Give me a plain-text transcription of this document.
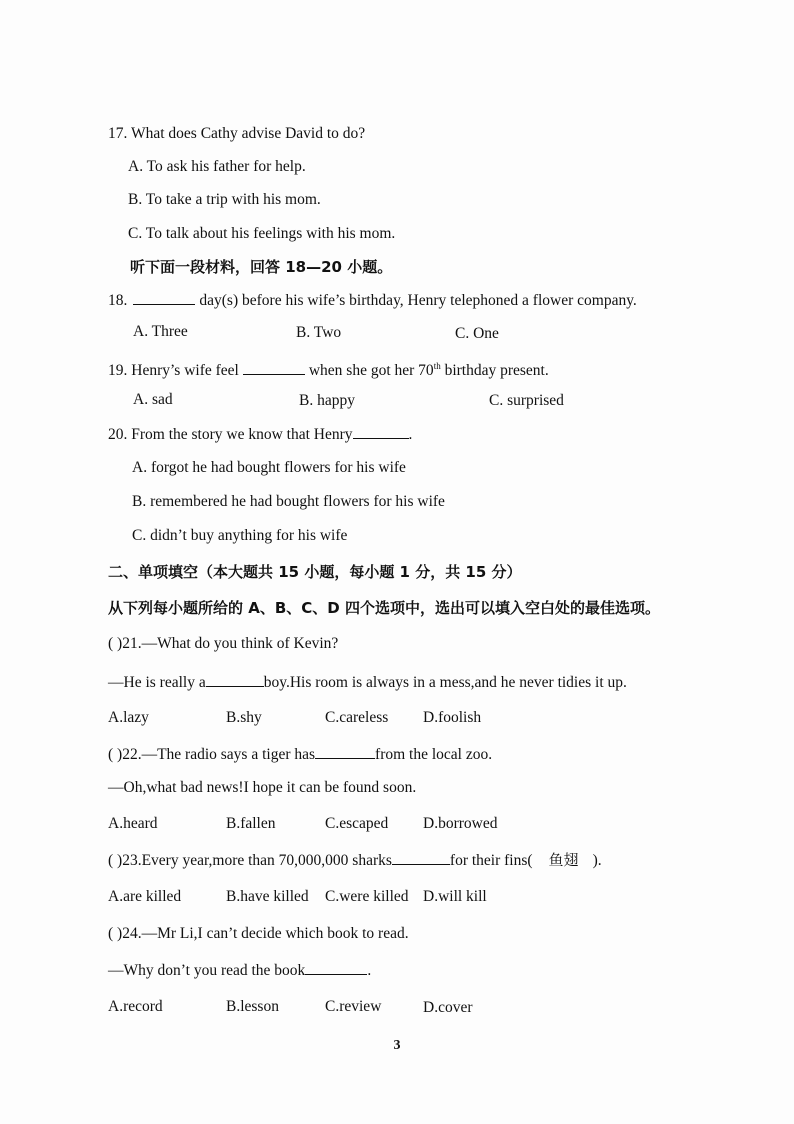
17. What does Cathy advise David to do?
A. To ask his father for help.
B. To take a trip with his mom.
C. To talk about his feelings with his mom.
听下面一段材料，回答 18—20 小题。
18.	day(s) before his wife’s birthday, Henry telephoned a flower company.
A. Three	B. Two	C. One
19. Henry’s wife feel	when she got her 70th birthday present.
A. sad	B. happy	C. surprised
20. From the story we know that Henry	.
A. forgot he had bought flowers for his wife
B. remembered he had bought flowers for his wife
C. didn’t buy anything for his wife
二、单项填空（本大题共 15 小题，每小题 1 分，共 15 分）
从下列每小题所给的 A、B、C、D 四个选项中，选出可以填入空白处的最佳选项。
( )21.—What do you think of Kevin?
—He is really a	boy.His room is always in a mess,and he never tidies it up.
A.lazy	B.shy	C.careless D.foolish
( )22.—The radio says a tiger has	from the local zoo.
—Oh,what bad news!I hope it can be found soon.
A.heard	B.fallen	C.escaped D.borrowed
( )23.Every year,more than 70,000,000 sharks	for their fins( 鱼翅 ).
A.are killed	B.have killed C.were killed D.will kill
( )24.—Mr Li,I can’t decide which book to read.
—Why don’t you read the book	.
A.record	B.lesson	C.review	D.cover
3
